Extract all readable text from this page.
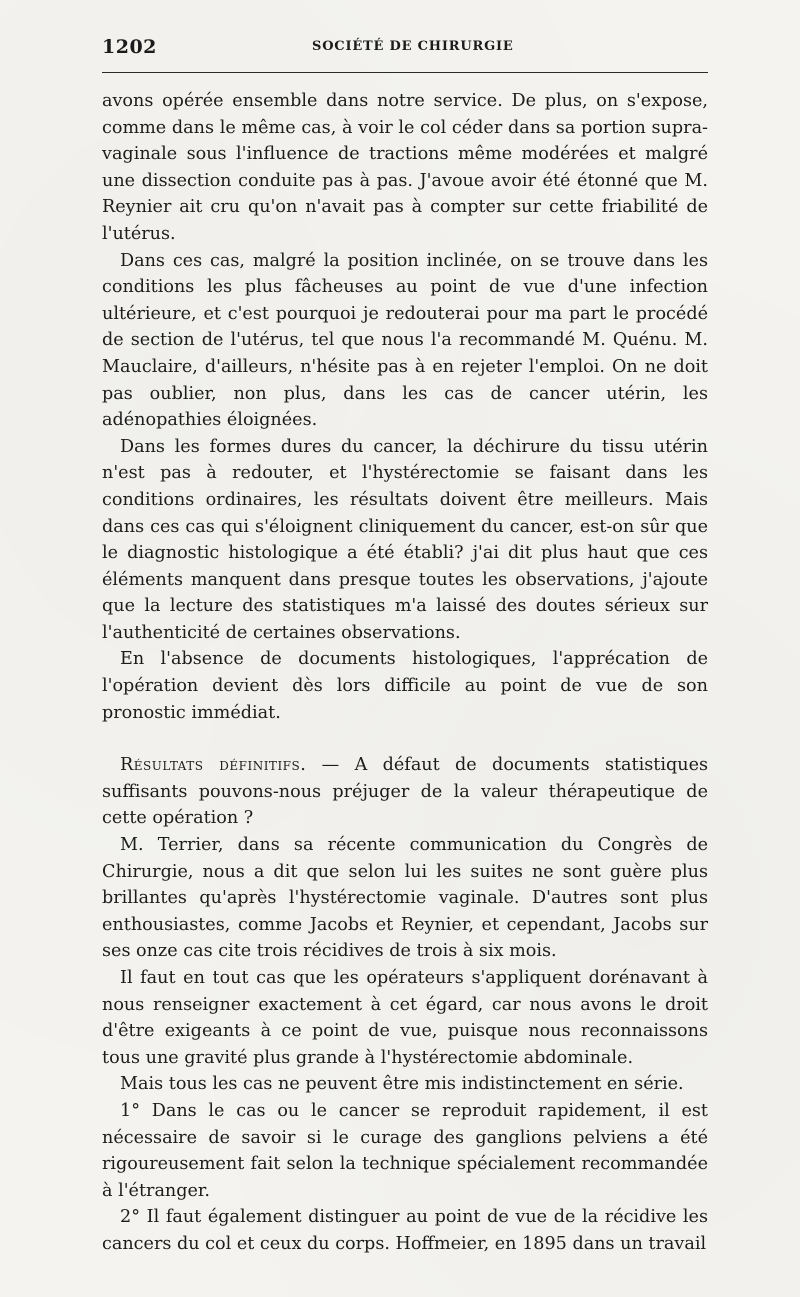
1202	SOCIÉTÉ DE CHIRURGIE

avons opérée ensemble dans notre service. De plus, on s'expose, comme dans le même cas, à voir le col céder dans sa portion supra-vaginale sous l'influence de tractions même modérées et malgré une dissection conduite pas à pas. J'avoue avoir été étonné que M. Reynier ait cru qu'on n'avait pas à compter sur cette friabilité de l'utérus.

Dans ces cas, malgré la position inclinée, on se trouve dans les conditions les plus fâcheuses au point de vue d'une infection ultérieure, et c'est pourquoi je redouterai pour ma part le procédé de section de l'utérus, tel que nous l'a recommandé M. Quénu. M. Mauclaire, d'ailleurs, n'hésite pas à en rejeter l'emploi. On ne doit pas oublier, non plus, dans les cas de cancer utérin, les adénopathies éloignées.

Dans les formes dures du cancer, la déchirure du tissu utérin n'est pas à redouter, et l'hystérectomie se faisant dans les conditions ordinaires, les résultats doivent être meilleurs. Mais dans ces cas qui s'éloignent cliniquement du cancer, est-on sûr que le diagnostic histologique a été établi? j'ai dit plus haut que ces éléments manquent dans presque toutes les observations, j'ajoute que la lecture des statistiques m'a laissé des doutes sérieux sur l'authenticité de certaines observations.

En l'absence de documents histologiques, l'apprécation de l'opération devient dès lors difficile au point de vue de son pronostic immédiat.

Résultats définitifs. — A défaut de documents statistiques suffisants pouvons-nous préjuger de la valeur thérapeutique de cette opération ?

M. Terrier, dans sa récente communication du Congrès de Chirurgie, nous a dit que selon lui les suites ne sont guère plus brillantes qu'après l'hystérectomie vaginale. D'autres sont plus enthousiastes, comme Jacobs et Reynier, et cependant, Jacobs sur ses onze cas cite trois récidives de trois à six mois.

Il faut en tout cas que les opérateurs s'appliquent dorénavant à nous renseigner exactement à cet égard, car nous avons le droit d'être exigeants à ce point de vue, puisque nous reconnaissons tous une gravité plus grande à l'hystérectomie abdominale.

Mais tous les cas ne peuvent être mis indistinctement en série.

1° Dans le cas ou le cancer se reproduit rapidement, il est nécessaire de savoir si le curage des ganglions pelviens a été rigoureusement fait selon la technique spécialement recommandée à l'étranger.

2° Il faut également distinguer au point de vue de la récidive les cancers du col et ceux du corps. Hoffmeier, en 1895 dans un travail
